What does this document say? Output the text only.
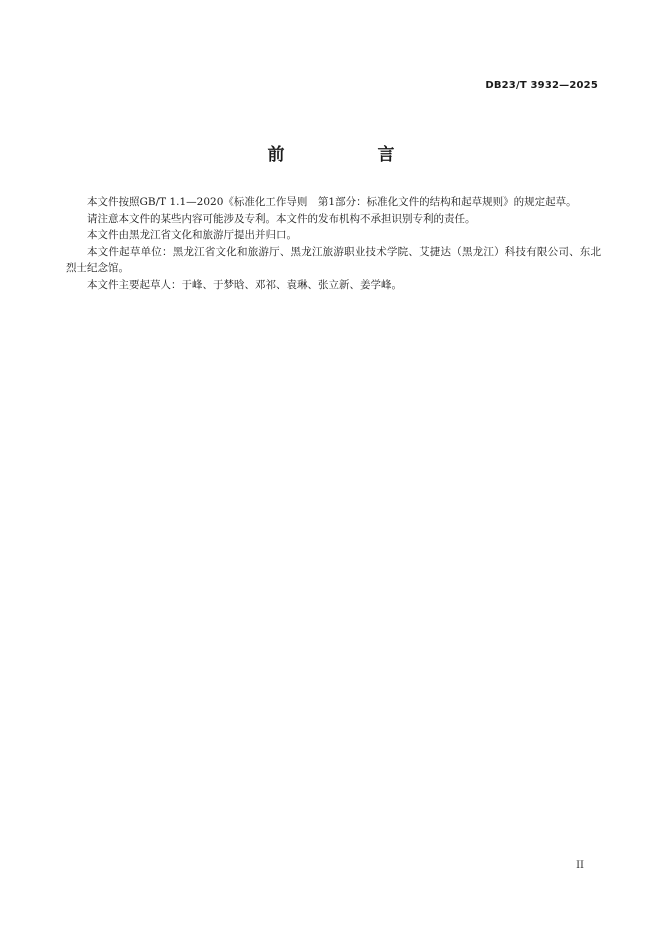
DB23/T 3932—2025
前　言

本文件按照GB/T 1.1—2020《标准化工作导则　第1部分：标准化文件的结构和起草规则》的规定起草。

请注意本文件的某些内容可能涉及专利。本文件的发布机构不承担识别专利的责任。

本文件由黑龙江省文化和旅游厅提出并归口。

本文件起草单位：黑龙江省文化和旅游厅、黑龙江旅游职业技术学院、艾捷达（黑龙江）科技有限公司、东北烈士纪念馆。

本文件主要起草人：于峰、于梦晗、邓祁、袁琳、张立新、姜学峰。

II
